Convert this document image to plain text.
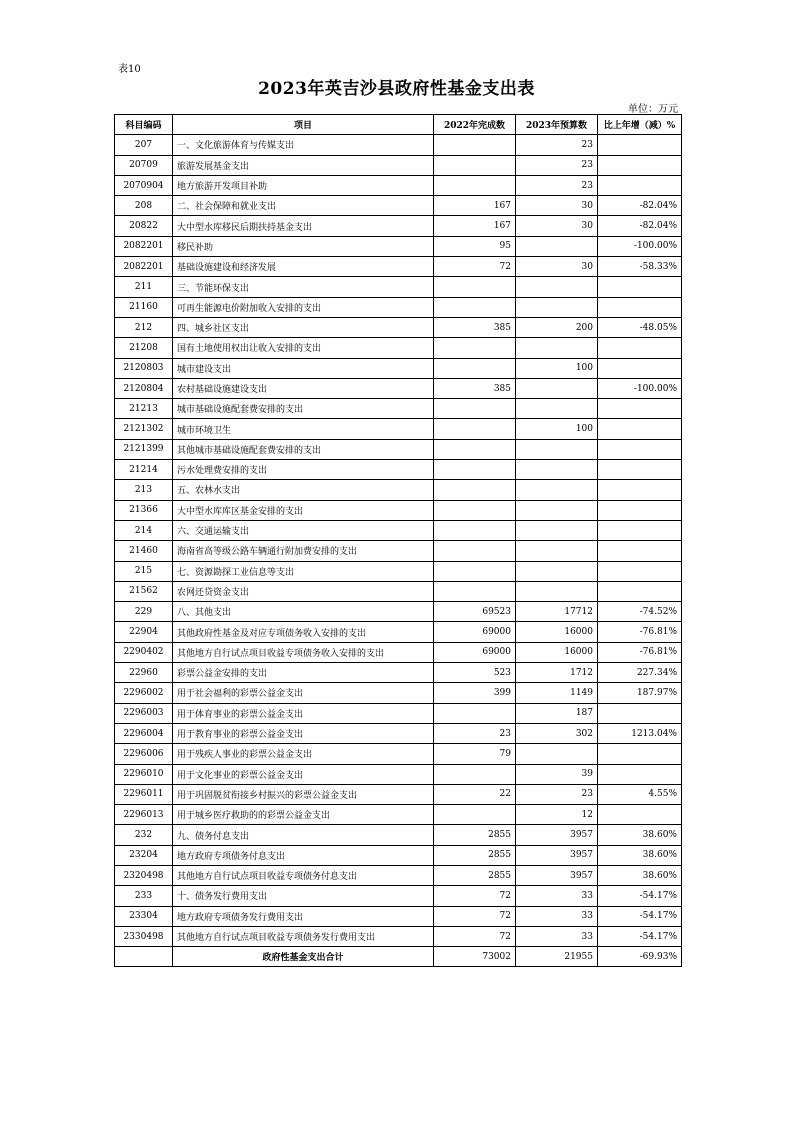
表10
2023年英吉沙县政府性基金支出表
单位：万元
科目编码	项目	2022年完成数	2023年预算数	比上年增（减）%
207	一、文化旅游体育与传媒支出		23	
20709	旅游发展基金支出		23	
2070904	地方旅游开发项目补助		23	
208	二、社会保障和就业支出	167	30	-82.04%
20822	大中型水库移民后期扶持基金支出	167	30	-82.04%
2082201	移民补助	95		-100.00%
2082201	基础设施建设和经济发展	72	30	-58.33%
211	三、节能环保支出			
21160	可再生能源电价附加收入安排的支出			
212	四、城乡社区支出	385	200	-48.05%
21208	国有土地使用权出让收入安排的支出			
2120803	城市建设支出		100	
2120804	农村基础设施建设支出	385		-100.00%
21213	城市基础设施配套费安排的支出			
2121302	城市环境卫生		100	
2121399	其他城市基础设施配套费安排的支出			
21214	污水处理费安排的支出			
213	五、农林水支出			
21366	大中型水库库区基金安排的支出			
214	六、交通运输支出			
21460	海南省高等级公路车辆通行附加费安排的支出			
215	七、资源勘探工业信息等支出			
21562	农网还贷资金支出			
229	八、其他支出	69523	17712	-74.52%
22904	其他政府性基金及对应专项债务收入安排的支出	69000	16000	-76.81%
2290402	其他地方自行试点项目收益专项债务收入安排的支出	69000	16000	-76.81%
22960	彩票公益金安排的支出	523	1712	227.34%
2296002	用于社会福利的彩票公益金支出	399	1149	187.97%
2296003	用于体育事业的彩票公益金支出		187	
2296004	用于教育事业的彩票公益金支出	23	302	1213.04%
2296006	用于残疾人事业的彩票公益金支出	79		
2296010	用于文化事业的彩票公益金支出		39	
2296011	用于巩固脱贫衔接乡村振兴的彩票公益金支出	22	23	4.55%
2296013	用于城乡医疗救助的的彩票公益金支出		12	
232	九、债务付息支出	2855	3957	38.60%
23204	地方政府专项债务付息支出	2855	3957	38.60%
2320498	其他地方自行试点项目收益专项债务付息支出	2855	3957	38.60%
233	十、债务发行费用支出	72	33	-54.17%
23304	地方政府专项债务发行费用支出	72	33	-54.17%
2330498	其他地方自行试点项目收益专项债务发行费用支出	72	33	-54.17%
	政府性基金支出合计	73002	21955	-69.93%
